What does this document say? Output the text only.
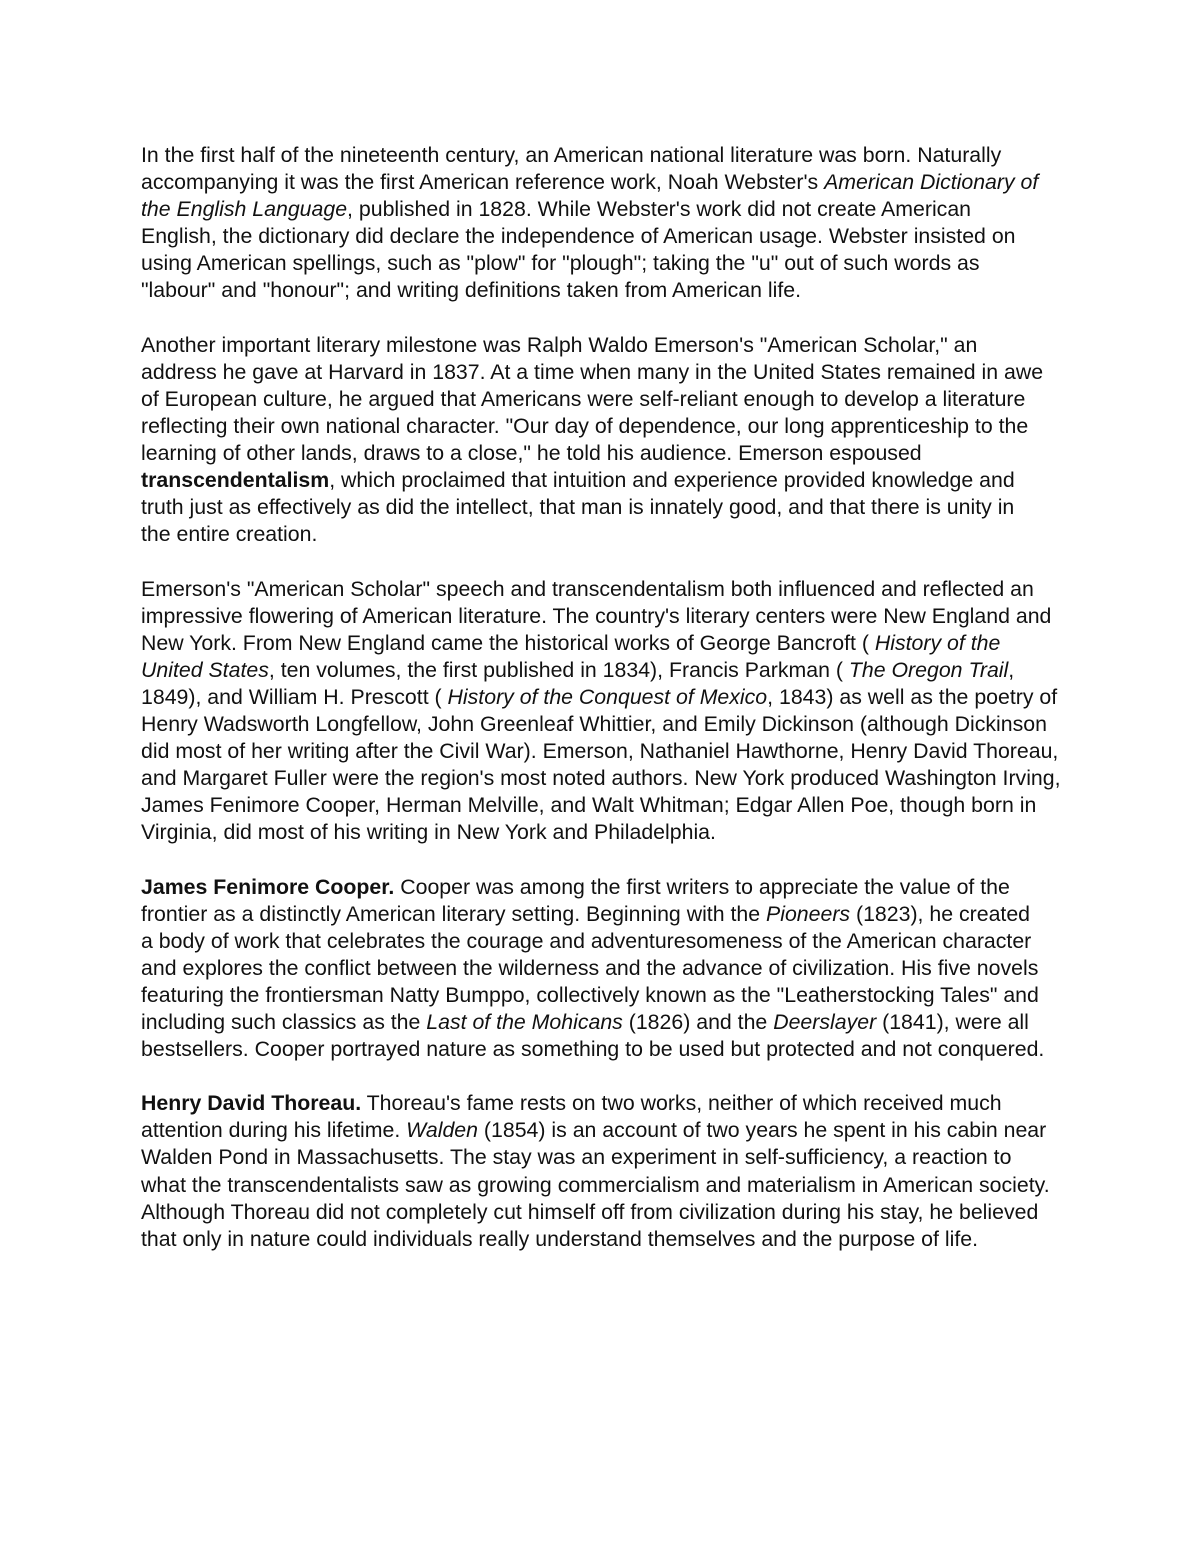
In the first half of the nineteenth century, an American national literature was born. Naturally accompanying it was the first American reference work, Noah Webster's American Dictionary of the English Language, published in 1828. While Webster's work did not create American English, the dictionary did declare the independence of American usage. Webster insisted on using American spellings, such as "plow" for "plough"; taking the "u" out of such words as "labour" and "honour"; and writing definitions taken from American life.

Another important literary milestone was Ralph Waldo Emerson's "American Scholar," an address he gave at Harvard in 1837. At a time when many in the United States remained in awe of European culture, he argued that Americans were self-reliant enough to develop a literature reflecting their own national character. "Our day of dependence, our long apprenticeship to the learning of other lands, draws to a close," he told his audience. Emerson espoused transcendentalism, which proclaimed that intuition and experience provided knowledge and truth just as effectively as did the intellect, that man is innately good, and that there is unity in the entire creation.

Emerson's "American Scholar" speech and transcendentalism both influenced and reflected an impressive flowering of American literature. The country's literary centers were New England and New York. From New England came the historical works of George Bancroft ( History of the United States, ten volumes, the first published in 1834), Francis Parkman ( The Oregon Trail, 1849), and William H. Prescott ( History of the Conquest of Mexico, 1843) as well as the poetry of Henry Wadsworth Longfellow, John Greenleaf Whittier, and Emily Dickinson (although Dickinson did most of her writing after the Civil War). Emerson, Nathaniel Hawthorne, Henry David Thoreau, and Margaret Fuller were the region's most noted authors. New York produced Washington Irving, James Fenimore Cooper, Herman Melville, and Walt Whitman; Edgar Allen Poe, though born in Virginia, did most of his writing in New York and Philadelphia.

James Fenimore Cooper. Cooper was among the first writers to appreciate the value of the frontier as a distinctly American literary setting. Beginning with the Pioneers (1823), he created a body of work that celebrates the courage and adventuresomeness of the American character and explores the conflict between the wilderness and the advance of civilization. His five novels featuring the frontiersman Natty Bumppo, collectively known as the "Leatherstocking Tales" and including such classics as the Last of the Mohicans (1826) and the Deerslayer (1841), were all bestsellers. Cooper portrayed nature as something to be used but protected and not conquered.

Henry David Thoreau. Thoreau's fame rests on two works, neither of which received much attention during his lifetime. Walden (1854) is an account of two years he spent in his cabin near Walden Pond in Massachusetts. The stay was an experiment in self-sufficiency, a reaction to what the transcendentalists saw as growing commercialism and materialism in American society. Although Thoreau did not completely cut himself off from civilization during his stay, he believed that only in nature could individuals really understand themselves and the purpose of life.
